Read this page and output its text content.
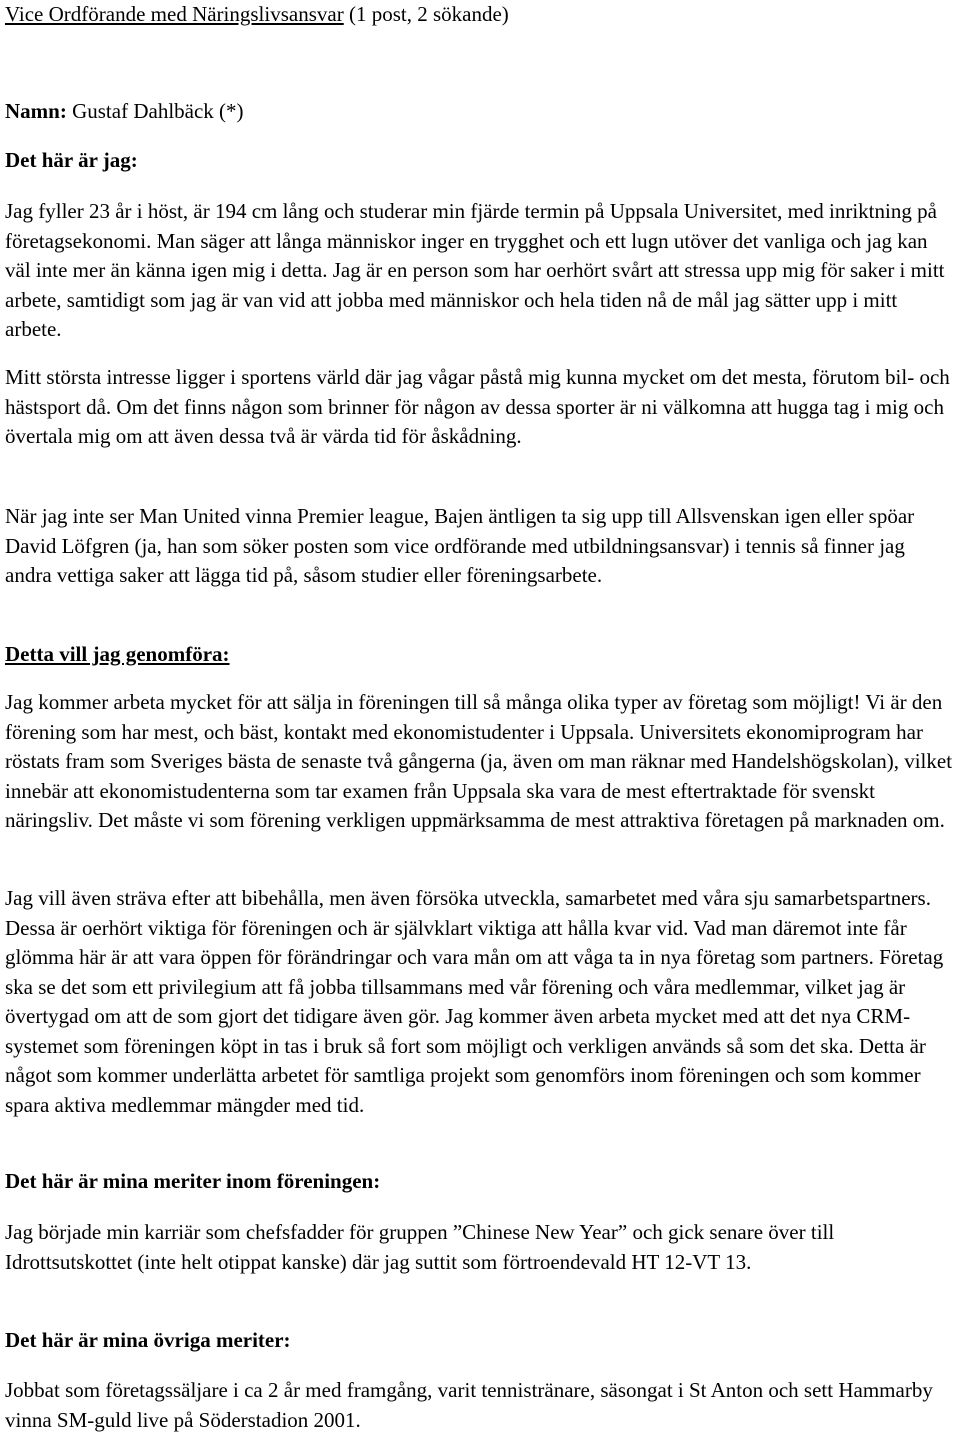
Vice Ordförande med Näringslivsansvar (1 post, 2 sökande)

Namn: Gustaf Dahlbäck (*)

Det här är jag:

Jag fyller 23 år i höst, är 194 cm lång och studerar min fjärde termin på Uppsala Universitet, med inriktning på företagsekonomi. Man säger att långa människor inger en trygghet och ett lugn utöver det vanliga och jag kan väl inte mer än känna igen mig i detta. Jag är en person som har oerhört svårt att stressa upp mig för saker i mitt arbete, samtidigt som jag är van vid att jobba med människor och hela tiden nå de mål jag sätter upp i mitt arbete.

Mitt största intresse ligger i sportens värld där jag vågar påstå mig kunna mycket om det mesta, förutom bil- och hästsport då. Om det finns någon som brinner för någon av dessa sporter är ni välkomna att hugga tag i mig och övertala mig om att även dessa två är värda tid för åskådning.

När jag inte ser Man United vinna Premier league, Bajen äntligen ta sig upp till Allsvenskan igen eller spöar David Löfgren (ja, han som söker posten som vice ordförande med utbildningsansvar) i tennis så finner jag andra vettiga saker att lägga tid på, såsom studier eller föreningsarbete.

Detta vill jag genomföra:

Jag kommer arbeta mycket för att sälja in föreningen till så många olika typer av företag som möjligt! Vi är den förening som har mest, och bäst, kontakt med ekonomistudenter i Uppsala. Universitets ekonomiprogram har röstats fram som Sveriges bästa de senaste två gångerna (ja, även om man räknar med Handelshögskolan), vilket innebär att ekonomistudenterna som tar examen från Uppsala ska vara de mest eftertraktade för svenskt näringsliv. Det måste vi som förening verkligen uppmärksamma de mest attraktiva företagen på marknaden om.

Jag vill även sträva efter att bibehålla, men även försöka utveckla, samarbetet med våra sju samarbetspartners. Dessa är oerhört viktiga för föreningen och är självklart viktiga att hålla kvar vid. Vad man däremot inte får glömma här är att vara öppen för förändringar och vara mån om att våga ta in nya företag som partners. Företag ska se det som ett privilegium att få jobba tillsammans med vår förening och våra medlemmar, vilket jag är övertygad om att de som gjort det tidigare även gör. Jag kommer även arbeta mycket med att det nya CRM-systemet som föreningen köpt in tas i bruk så fort som möjligt och verkligen används så som det ska. Detta är något som kommer underlätta arbetet för samtliga projekt som genomförs inom föreningen och som kommer spara aktiva medlemmar mängder med tid.

Det här är mina meriter inom föreningen:

Jag började min karriär som chefsfadder för gruppen ”Chinese New Year” och gick senare över till Idrottsutskottet (inte helt otippat kanske) där jag suttit som förtroendevald HT 12-VT 13.

Det här är mina övriga meriter:

Jobbat som företagssäljare i ca 2 år med framgång, varit tennistränare, säsongat i St Anton och sett Hammarby vinna SM-guld live på Söderstadion 2001.
